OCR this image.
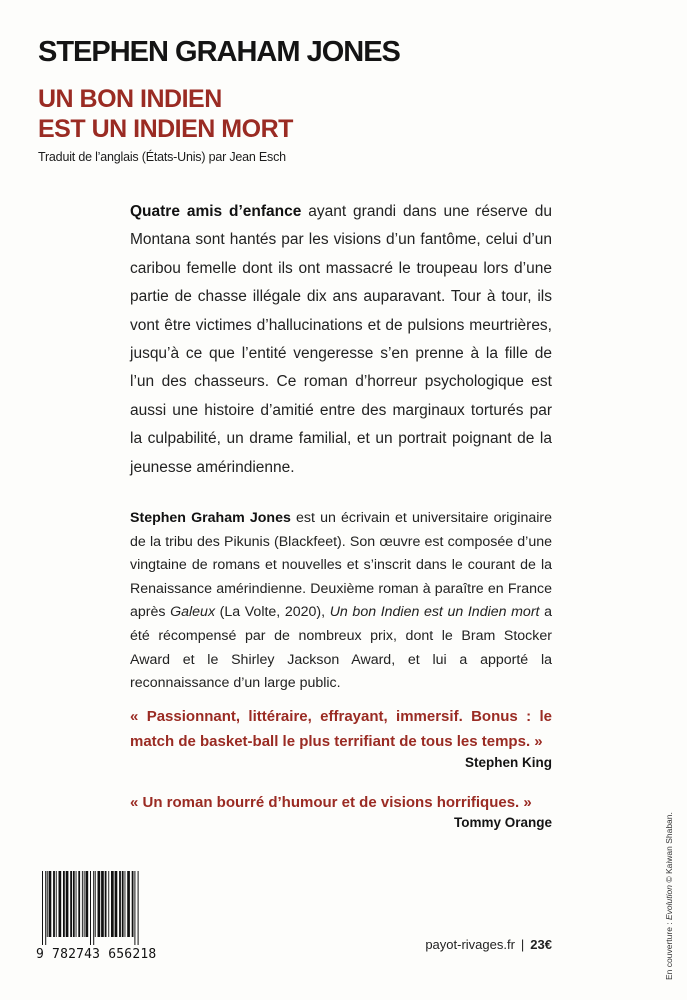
STEPHEN GRAHAM JONES
UN BON INDIEN
EST UN INDIEN MORT
Traduit de l’anglais (États-Unis) par Jean Esch
Quatre amis d’enfance ayant grandi dans une réserve du Montana sont hantés par les visions d’un fantôme, celui d’un caribou femelle dont ils ont massacré le troupeau lors d’une partie de chasse illégale dix ans auparavant. Tour à tour, ils vont être victimes d’hallucinations et de pulsions meurtrières, jusqu’à ce que l’entité vengeresse s’en prenne à la fille de l’un des chasseurs. Ce roman d’horreur psychologique est aussi une histoire d’amitié entre des marginaux torturés par la culpabilité, un drame familial, et un portrait poignant de la jeunesse amérindienne.
Stephen Graham Jones est un écrivain et universitaire originaire de la tribu des Pikunis (Blackfeet). Son œuvre est composée d’une vingtaine de romans et nouvelles et s’inscrit dans le courant de la Renaissance amérindienne. Deuxième roman à paraître en France après Galeux (La Volte, 2020), Un bon Indien est un Indien mort a été récompensé par de nombreux prix, dont le Bram Stocker Award et le Shirley Jackson Award, et lui a apporté la reconnaissance d’un large public.
« Passionnant, littéraire, effrayant, immersif. Bonus : le match de basket-ball le plus terrifiant de tous les temps. »
Stephen King
« Un roman bourré d’humour et de visions horrifiques. »
Tommy Orange
9 782743 656218
payot-rivages.fr | 23€	En couverture : Evolution © Kaiwan Shaban.
